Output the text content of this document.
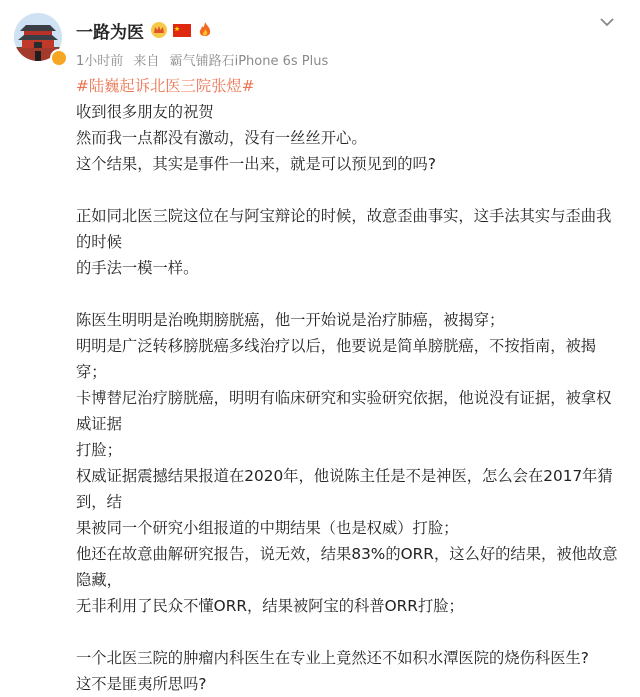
一路为医
1小时前 来自 霸气铺路石iPhone 6s Plus
#陆巍起诉北医三院张煜#
收到很多朋友的祝贺
然而我一点都没有激动，没有一丝丝开心。
这个结果，其实是事件一出来，就是可以预见到的吗?
正如同北医三院这位在与阿宝辩论的时候，故意歪曲事实，这手法其实与歪曲我的时候
的手法一模一样。
陈医生明明是治晚期膀胱癌，他一开始说是治疗肺癌，被揭穿；
明明是广泛转移膀胱癌多线治疗以后，他要说是简单膀胱癌，不按指南，被揭穿；
卡博替尼治疗膀胱癌，明明有临床研究和实验研究依据，他说没有证据，被拿权威证据
打脸；
权威证据震撼结果报道在2020年，他说陈主任是不是神医，怎么会在2017年猜到，结
果被同一个研究小组报道的中期结果（也是权威）打脸；
他还在故意曲解研究报告，说无效，结果83%的ORR，这么好的结果，被他故意隐藏，
无非利用了民众不懂ORR，结果被阿宝的科普ORR打脸；
一个北医三院的肿瘤内科医生在专业上竟然还不如积水潭医院的烧伤科医生?
这不是匪夷所思吗?
